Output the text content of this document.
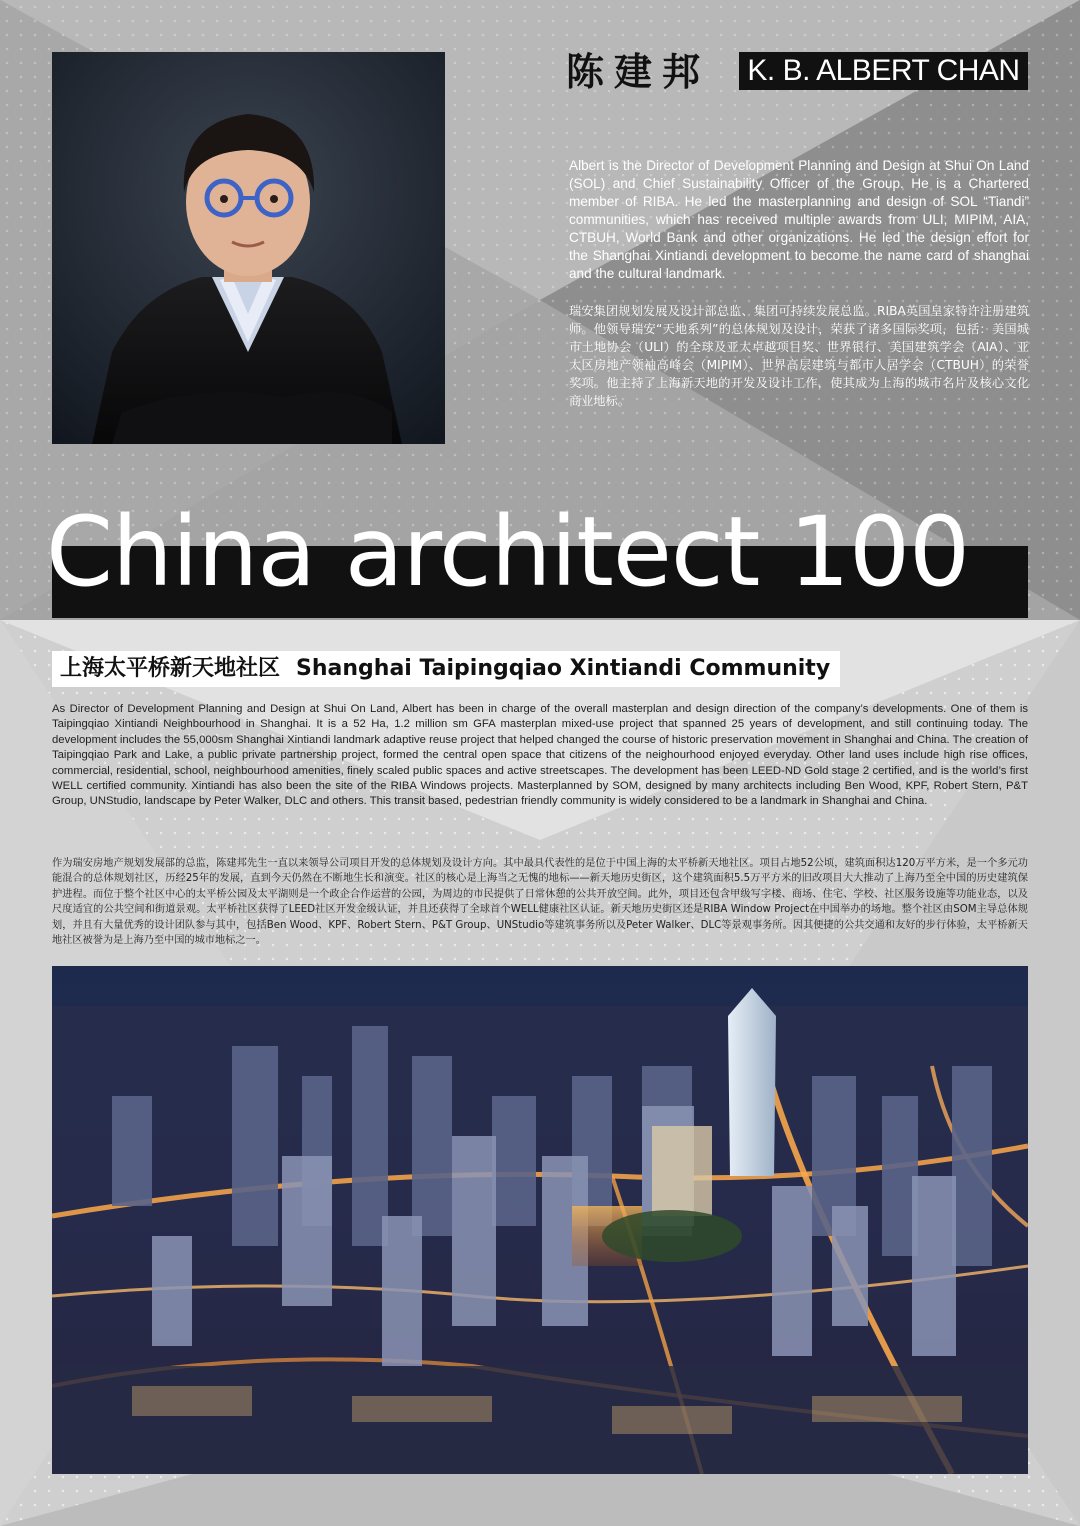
陈建邦 K. B. ALBERT CHAN
Albert is the Director of Development Planning and Design at Shui On Land (SOL) and Chief Sustainability Officer of the Group. He is a Chartered member of RIBA. He led the masterplanning and design of SOL “Tiandi” communities, which has received multiple awards from ULI, MIPIM, AIA, CTBUH, World Bank and other organizations. He led the design effort for the Shanghai Xintiandi development to become the name card of shanghai and the cultural landmark.
瑞安集团规划发展及设计部总监、集团可持续发展总监。RIBA英国皇家特许注册建筑师。他领导瑞安“天地系列”的总体规划及设计，荣获了诸多国际奖项，包括：美国城市土地协会（ULI）的全球及亚太卓越项目奖、世界银行、美国建筑学会（AIA）、亚太区房地产领袖高峰会（MIPIM）、世界高层建筑与都市人居学会（CTBUH）的荣誉奖项。他主持了上海新天地的开发及设计工作，使其成为上海的城市名片及核心文化商业地标。
China architect 100
上海太平桥新天地社区 Shanghai Taipingqiao Xintiandi Community
As Director of Development Planning and Design at Shui On Land, Albert has been in charge of the overall masterplan and design direction of the company’s developments. One of them is Taipingqiao Xintiandi Neighbourhood in Shanghai. It is a 52 Ha, 1.2 million sm GFA masterplan mixed-use project that spanned 25 years of development, and still continuing today. The development includes the 55,000sm Shanghai Xintiandi landmark adaptive reuse project that helped changed the course of historic preservation movement in Shanghai and China. The creation of Taipingqiao Park and Lake, a public private partnership project, formed the central open space that citizens of the neighourhood enjoyed everyday. Other land uses include high rise offices, commercial, residential, school, neighbourhood amenities, finely scaled public spaces and active streetscapes. The development has been LEED-ND Gold stage 2 certified, and is the world’s first WELL certified community. Xintiandi has also been the site of the RIBA Windows projects. Masterplanned by SOM, designed by many architects including Ben Wood, KPF, Robert Stern, P&T Group, UNStudio, landscape by Peter Walker, DLC and others. This transit based, pedestrian friendly community is widely considered to be a landmark in Shanghai and China.
作为瑞安房地产规划发展部的总监，陈建邦先生一直以来领导公司项目开发的总体规划及设计方向。其中最具代表性的是位于中国上海的太平桥新天地社区。项目占地52公顷，建筑面积达120万平方米，是一个多元功能混合的总体规划社区，历经25年的发展，直到今天仍然在不断地生长和演变。社区的核心是上海当之无愧的地标——新天地历史街区，这个建筑面积5.5万平方米的旧改项目大大推动了上海乃至全中国的历史建筑保护进程。而位于整个社区中心的太平桥公园及太平湖则是一个政企合作运营的公园，为周边的市民提供了日常休憩的公共开放空间。此外，项目还包含甲级写字楼、商场、住宅、学校、社区服务设施等功能业态，以及尺度适宜的公共空间和街道景观。太平桥社区获得了LEED社区开发金级认证，并且还获得了全球首个WELL健康社区认证。新天地历史街区还是RIBA Window Project在中国举办的场地。整个社区由SOM主导总体规划，并且有大量优秀的设计团队参与其中，包括Ben Wood、KPF、Robert Stern、P&T Group、UNStudio等建筑事务所以及Peter Walker、DLC等景观事务所。因其便捷的公共交通和友好的步行体验，太平桥新天地社区被誉为是上海乃至中国的城市地标之一。
